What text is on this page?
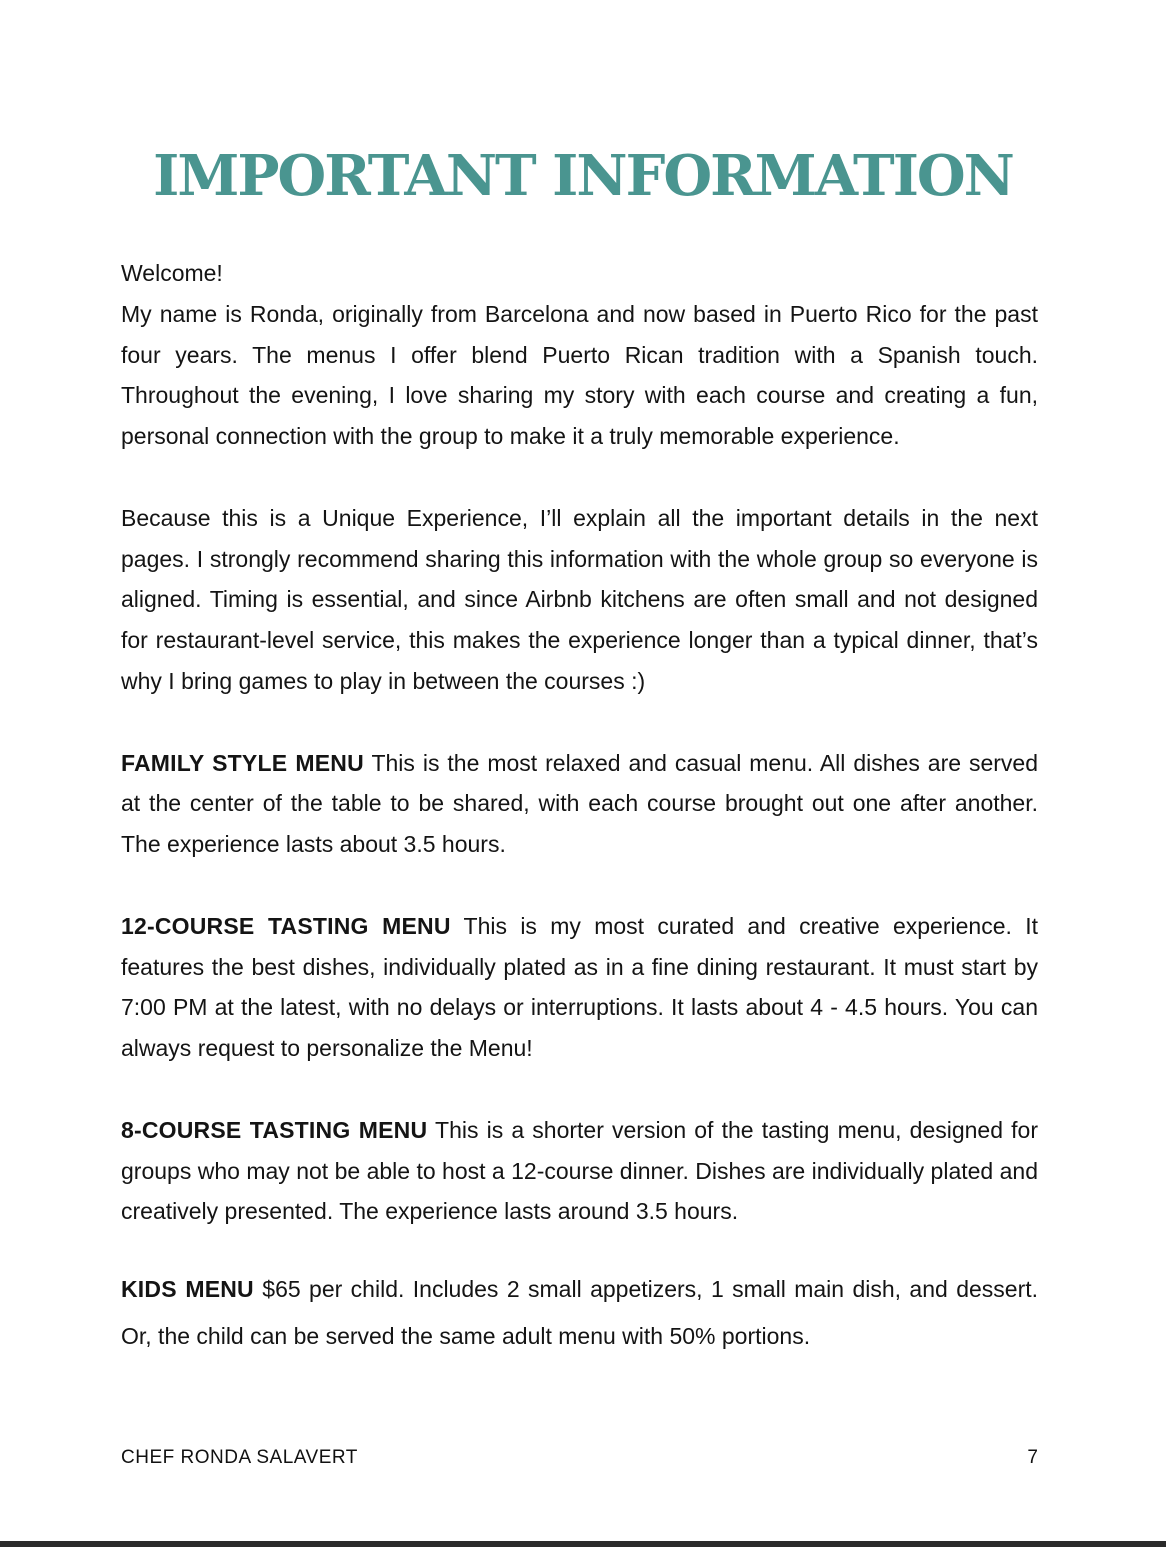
IMPORTANT INFORMATION

Welcome!

My name is Ronda, originally from Barcelona and now based in Puerto Rico for the past four years. The menus I offer blend Puerto Rican tradition with a Spanish touch. Throughout the evening, I love sharing my story with each course and creating a fun, personal connection with the group to make it a truly memorable experience.

Because this is a Unique Experience, I’ll explain all the important details in the next pages. I strongly recommend sharing this information with the whole group so everyone is aligned. Timing is essential, and since Airbnb kitchens are often small and not designed for restaurant-level service, this makes the experience longer than a typical dinner, that’s why I bring games to play in between the courses :)

FAMILY STYLE MENU This is the most relaxed and casual menu. All dishes are served at the center of the table to be shared, with each course brought out one after another. The experience lasts about 3.5 hours.

12-COURSE TASTING MENU This is my most curated and creative experience. It features the best dishes, individually plated as in a fine dining restaurant. It must start by 7:00 PM at the latest, with no delays or interruptions. It lasts about 4 - 4.5 hours. You can always request to personalize the Menu!

8-COURSE TASTING MENU This is a shorter version of the tasting menu, designed for groups who may not be able to host a 12-course dinner. Dishes are individually plated and creatively presented. The experience lasts around 3.5 hours.

KIDS MENU $65 per child. Includes 2 small appetizers, 1 small main dish, and dessert. Or, the child can be served the same adult menu with 50% portions.

CHEF RONDA SALAVERT	7
